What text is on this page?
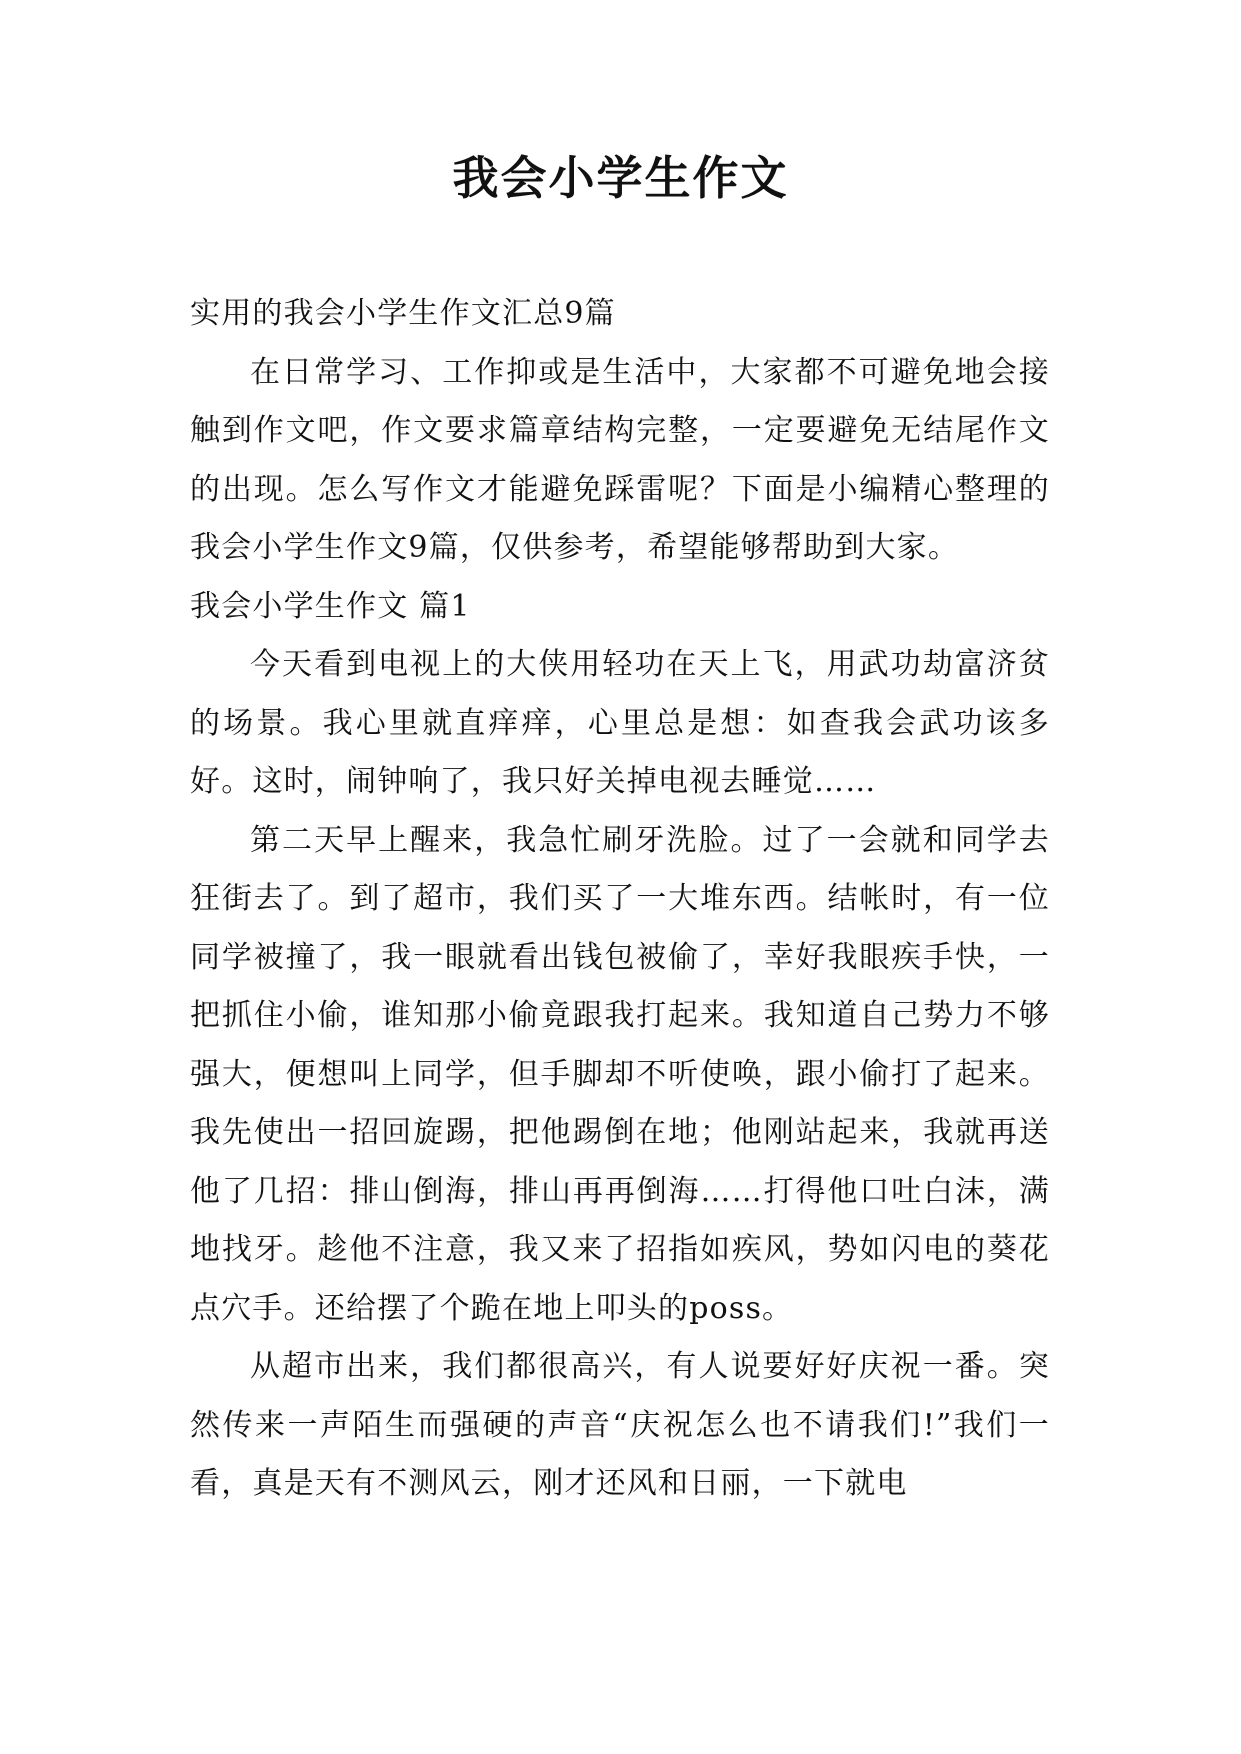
我会小学生作文

实用的我会小学生作文汇总9篇

在日常学习、工作抑或是生活中，大家都不可避免地会接触到作文吧，作文要求篇章结构完整，一定要避免无结尾作文的出现。怎么写作文才能避免踩雷呢？下面是小编精心整理的我会小学生作文9篇，仅供参考，希望能够帮助到大家。

我会小学生作文 篇1

今天看到电视上的大侠用轻功在天上飞，用武功劫富济贫的场景。我心里就直痒痒，心里总是想：如查我会武功该多好。这时，闹钟响了，我只好关掉电视去睡觉……

第二天早上醒来，我急忙刷牙洗脸。过了一会就和同学去狂街去了。到了超市，我们买了一大堆东西。结帐时，有一位同学被撞了，我一眼就看出钱包被偷了，幸好我眼疾手快，一把抓住小偷，谁知那小偷竟跟我打起来。我知道自己势力不够强大，便想叫上同学，但手脚却不听使唤，跟小偷打了起来。我先使出一招回旋踢，把他踢倒在地；他刚站起来，我就再送他了几招：排山倒海，排山再再倒海……打得他口吐白沫，满地找牙。趁他不注意，我又来了招指如疾风，势如闪电的葵花点穴手。还给摆了个跪在地上叩头的poss。

从超市出来，我们都很高兴，有人说要好好庆祝一番。突然传来一声陌生而强硬的声音“庆祝怎么也不请我们!”我们一看，真是天有不测风云，刚才还风和日丽，一下就电
